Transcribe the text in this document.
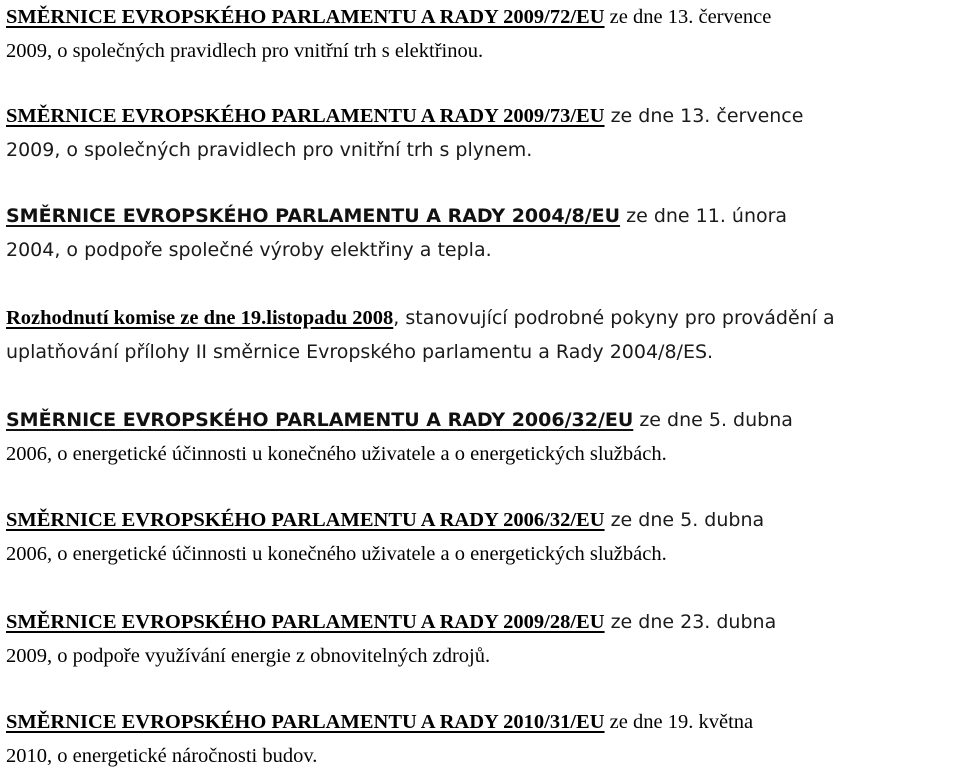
SMĚRNICE EVROPSKÉHO PARLAMENTU A RADY 2009/72/EU ze dne 13. července
2009, o společných pravidlech pro vnitřní trh s elektřinou.

SMĚRNICE EVROPSKÉHO PARLAMENTU A RADY 2009/73/EU ze dne 13. července
2009, o společných pravidlech pro vnitřní trh s plynem.

SMĚRNICE EVROPSKÉHO PARLAMENTU A RADY 2004/8/EU ze dne 11. února
2004, o podpoře společné výroby elektřiny a tepla.

Rozhodnutí komise ze dne 19.listopadu 2008, stanovující podrobné pokyny pro provádění a
uplatňování přílohy II směrnice Evropského parlamentu a Rady 2004/8/ES.

SMĚRNICE EVROPSKÉHO PARLAMENTU A RADY 2006/32/EU ze dne 5. dubna
2006, o energetické účinnosti u konečného uživatele a o energetických službách.

SMĚRNICE EVROPSKÉHO PARLAMENTU A RADY 2006/32/EU ze dne 5. dubna
2006, o energetické účinnosti u konečného uživatele a o energetických službách.

SMĚRNICE EVROPSKÉHO PARLAMENTU A RADY 2009/28/EU ze dne 23. dubna
2009, o podpoře využívání energie z obnovitelných zdrojů.

SMĚRNICE EVROPSKÉHO PARLAMENTU A RADY 2010/31/EU ze dne 19. května
2010, o energetické náročnosti budov.
